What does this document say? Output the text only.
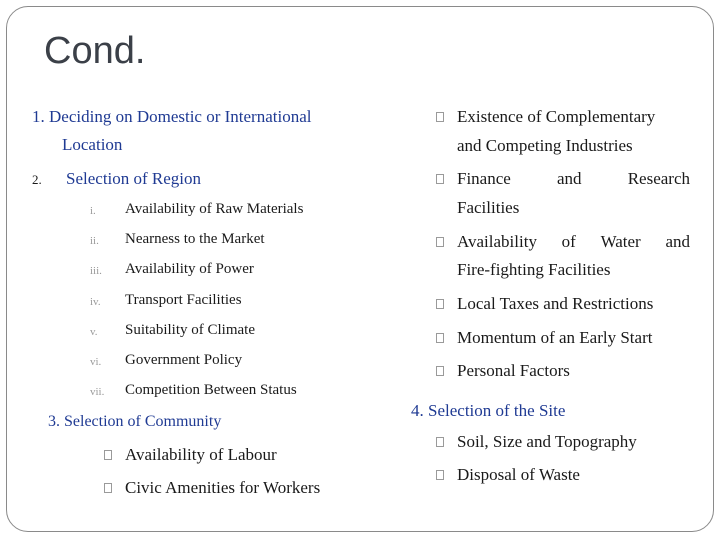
Cond.
1. Deciding on Domestic or International
Location
2. Selection of Region
i. Availability of Raw Materials
ii. Nearness to the Market
iii. Availability of Power
iv. Transport Facilities
v. Suitability of Climate
vi. Government Policy
vii. Competition Between Status
3. Selection of Community
Availability of Labour
Civic Amenities for Workers
Existence of Complementary
and Competing Industries
Finance	and	Research
Facilities
Availability of Water and
Fire-fighting Facilities
Local Taxes and Restrictions
Momentum of an Early Start
Personal Factors
4. Selection of the Site
Soil, Size and Topography
Disposal of Waste
